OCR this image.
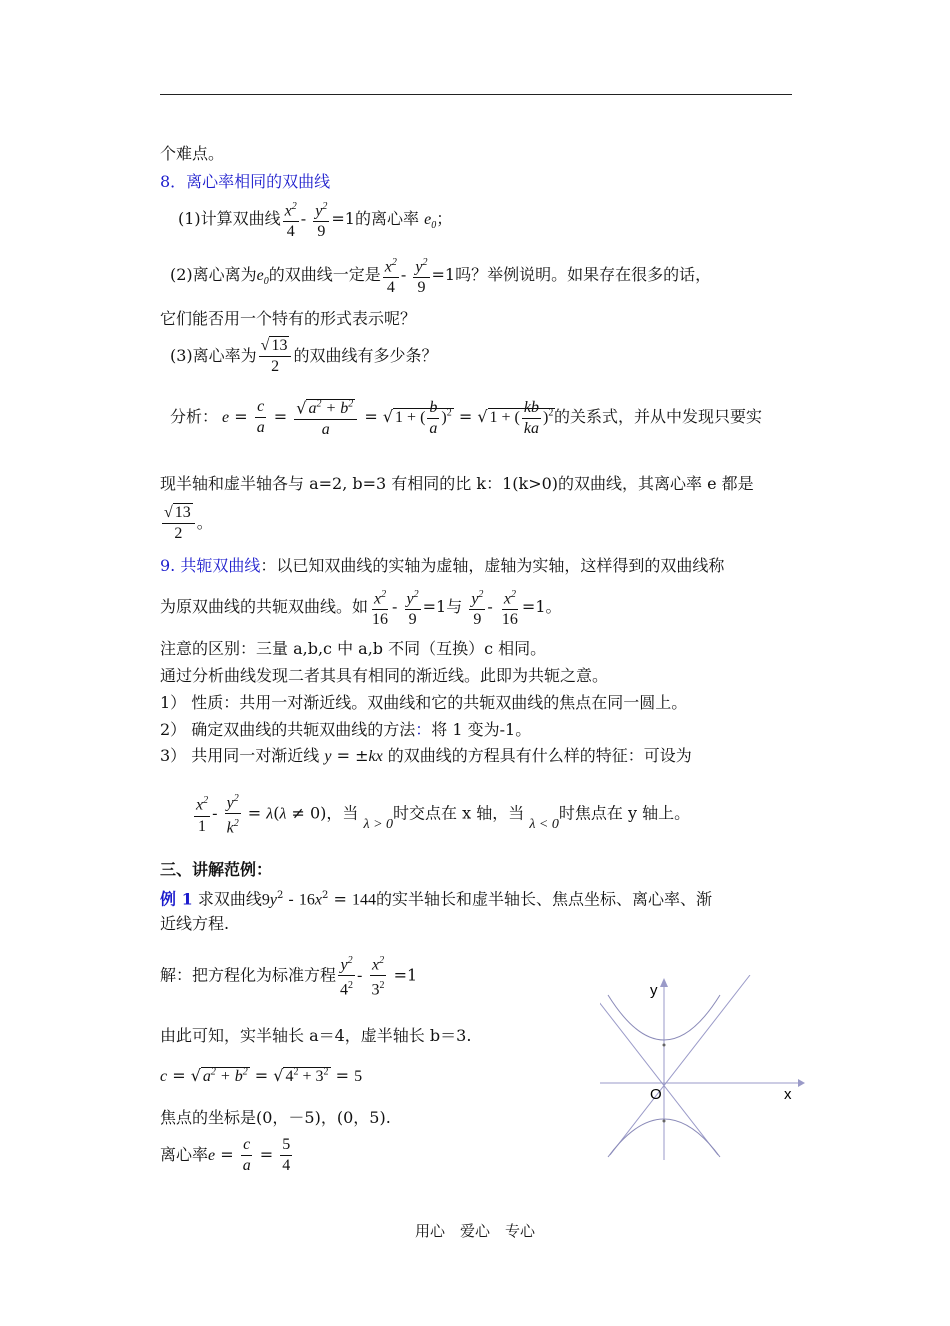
个难点。
8．离心率相同的双曲线
(1)计算双曲线 $\frac{x^2}{4} - \frac{y^2}{9} =1$的离心率 $e_0$；
(2)离心离为$e_0$的双曲线一定是 $\frac{x^2}{4} - \frac{y^2}{9} =1$吗？举例说明。如果存在很多的话，
它们能否用一个特有的形式表示呢？
(3)离心率为 $\frac{√ 13}{2}$ 的双曲线有多少条？
分析： $e = \frac{c}{a} = \frac{√ a^2 + b^2}{a}$ = √ 1 + ( $\frac{b}{a} )^2$ = √ 1 + ( $\frac{kb}{ka} )^2$ 的关系式，并从中发现只要实
现半轴和虚半轴各与 a=2, b=3 有相同的比 k：1(k>0)的双曲线，其离心率 e 都是
$\frac{√ 13}{2}$ 。
9. 共轭双曲线：以已知双曲线的实轴为虚轴，虚轴为实轴，这样得到的双曲线称
为原双曲线的共轭双曲线。如 $\frac{x^2}{16} - \frac{y^2}{9} =1$与 $\frac{y^2}{9} - \frac{x^2}{16} =1$。
注意的区别：三量 a,b,c 中 a,b 不同（互换）c 相同。
通过分析曲线发现二者其具有相同的渐近线。此即为共轭之意。
1） 性质：共用一对渐近线。双曲线和它的共轭双曲线的焦点在同一圆上。
2） 确定双曲线的共轭双曲线的方法：将 1 变为-1。
3） 共用同一对渐近线 y = ±kx 的双曲线的方程具有什么样的特征：可设为
$\frac{x^2}{1} - \frac{y^2}{k^2} = \lambda(\lambda \ne 0)$，当 λ > 0时交点在 x 轴，当 λ < 0时焦点在 y 轴上。
三、讲解范例：
例 1 求双曲线$9y^2 - 16x^2 = 144$的实半轴长和虚半轴长、焦点坐标、离心率、渐
近线方程.
解：把方程化为标准方程 $\frac{y^2}{4^2} - \frac{x^2}{3^2} =1$
由此可知，实半轴长 a＝4，虚半轴长 b＝3.
c = √ $a^2 + b^2$ = √ $4^2 + 3^2 = 5$
焦点的坐标是(0，－5)，(0，5).
离心率$e = \frac{c}{a} = \frac{5}{4}$
y
x
O
用心　爱心　专心
